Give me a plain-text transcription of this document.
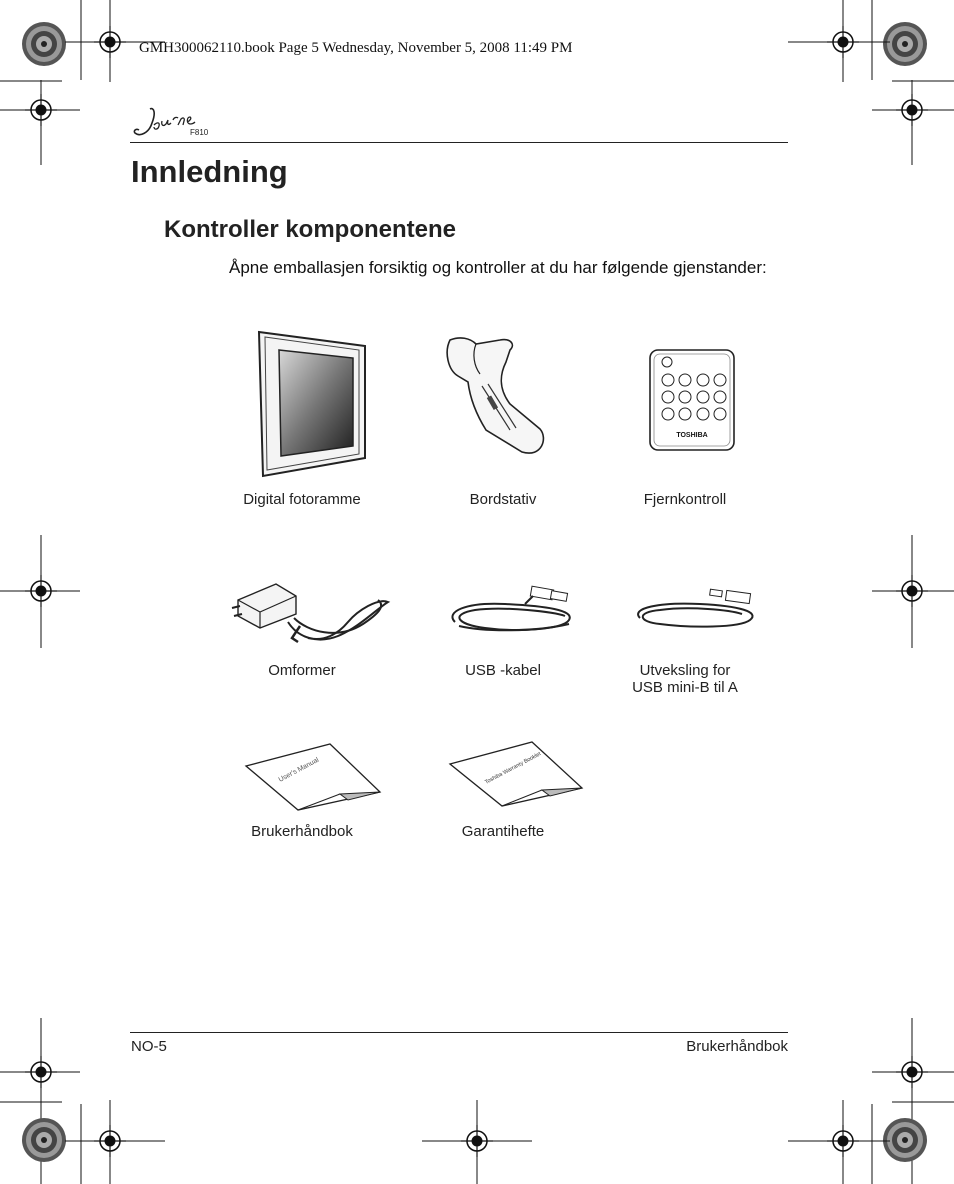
GMH300062110.book Page 5 Wednesday, November 5, 2008 11:49 PM
Journe
F810
Innledning
Kontroller komponentene
Åpne emballasjen forsiktig og kontroller at du har følgende gjenstander:
Digital fotoramme	Bordstativ
TOSHIBA
Fjernkontroll
Omformer	USB -kabel	Utveksling for
USB mini-B til A
User's Manual
Brukerhåndbok
Toshiba Warranty Booklet
Garantihefte
NO-5	Brukerhåndbok
